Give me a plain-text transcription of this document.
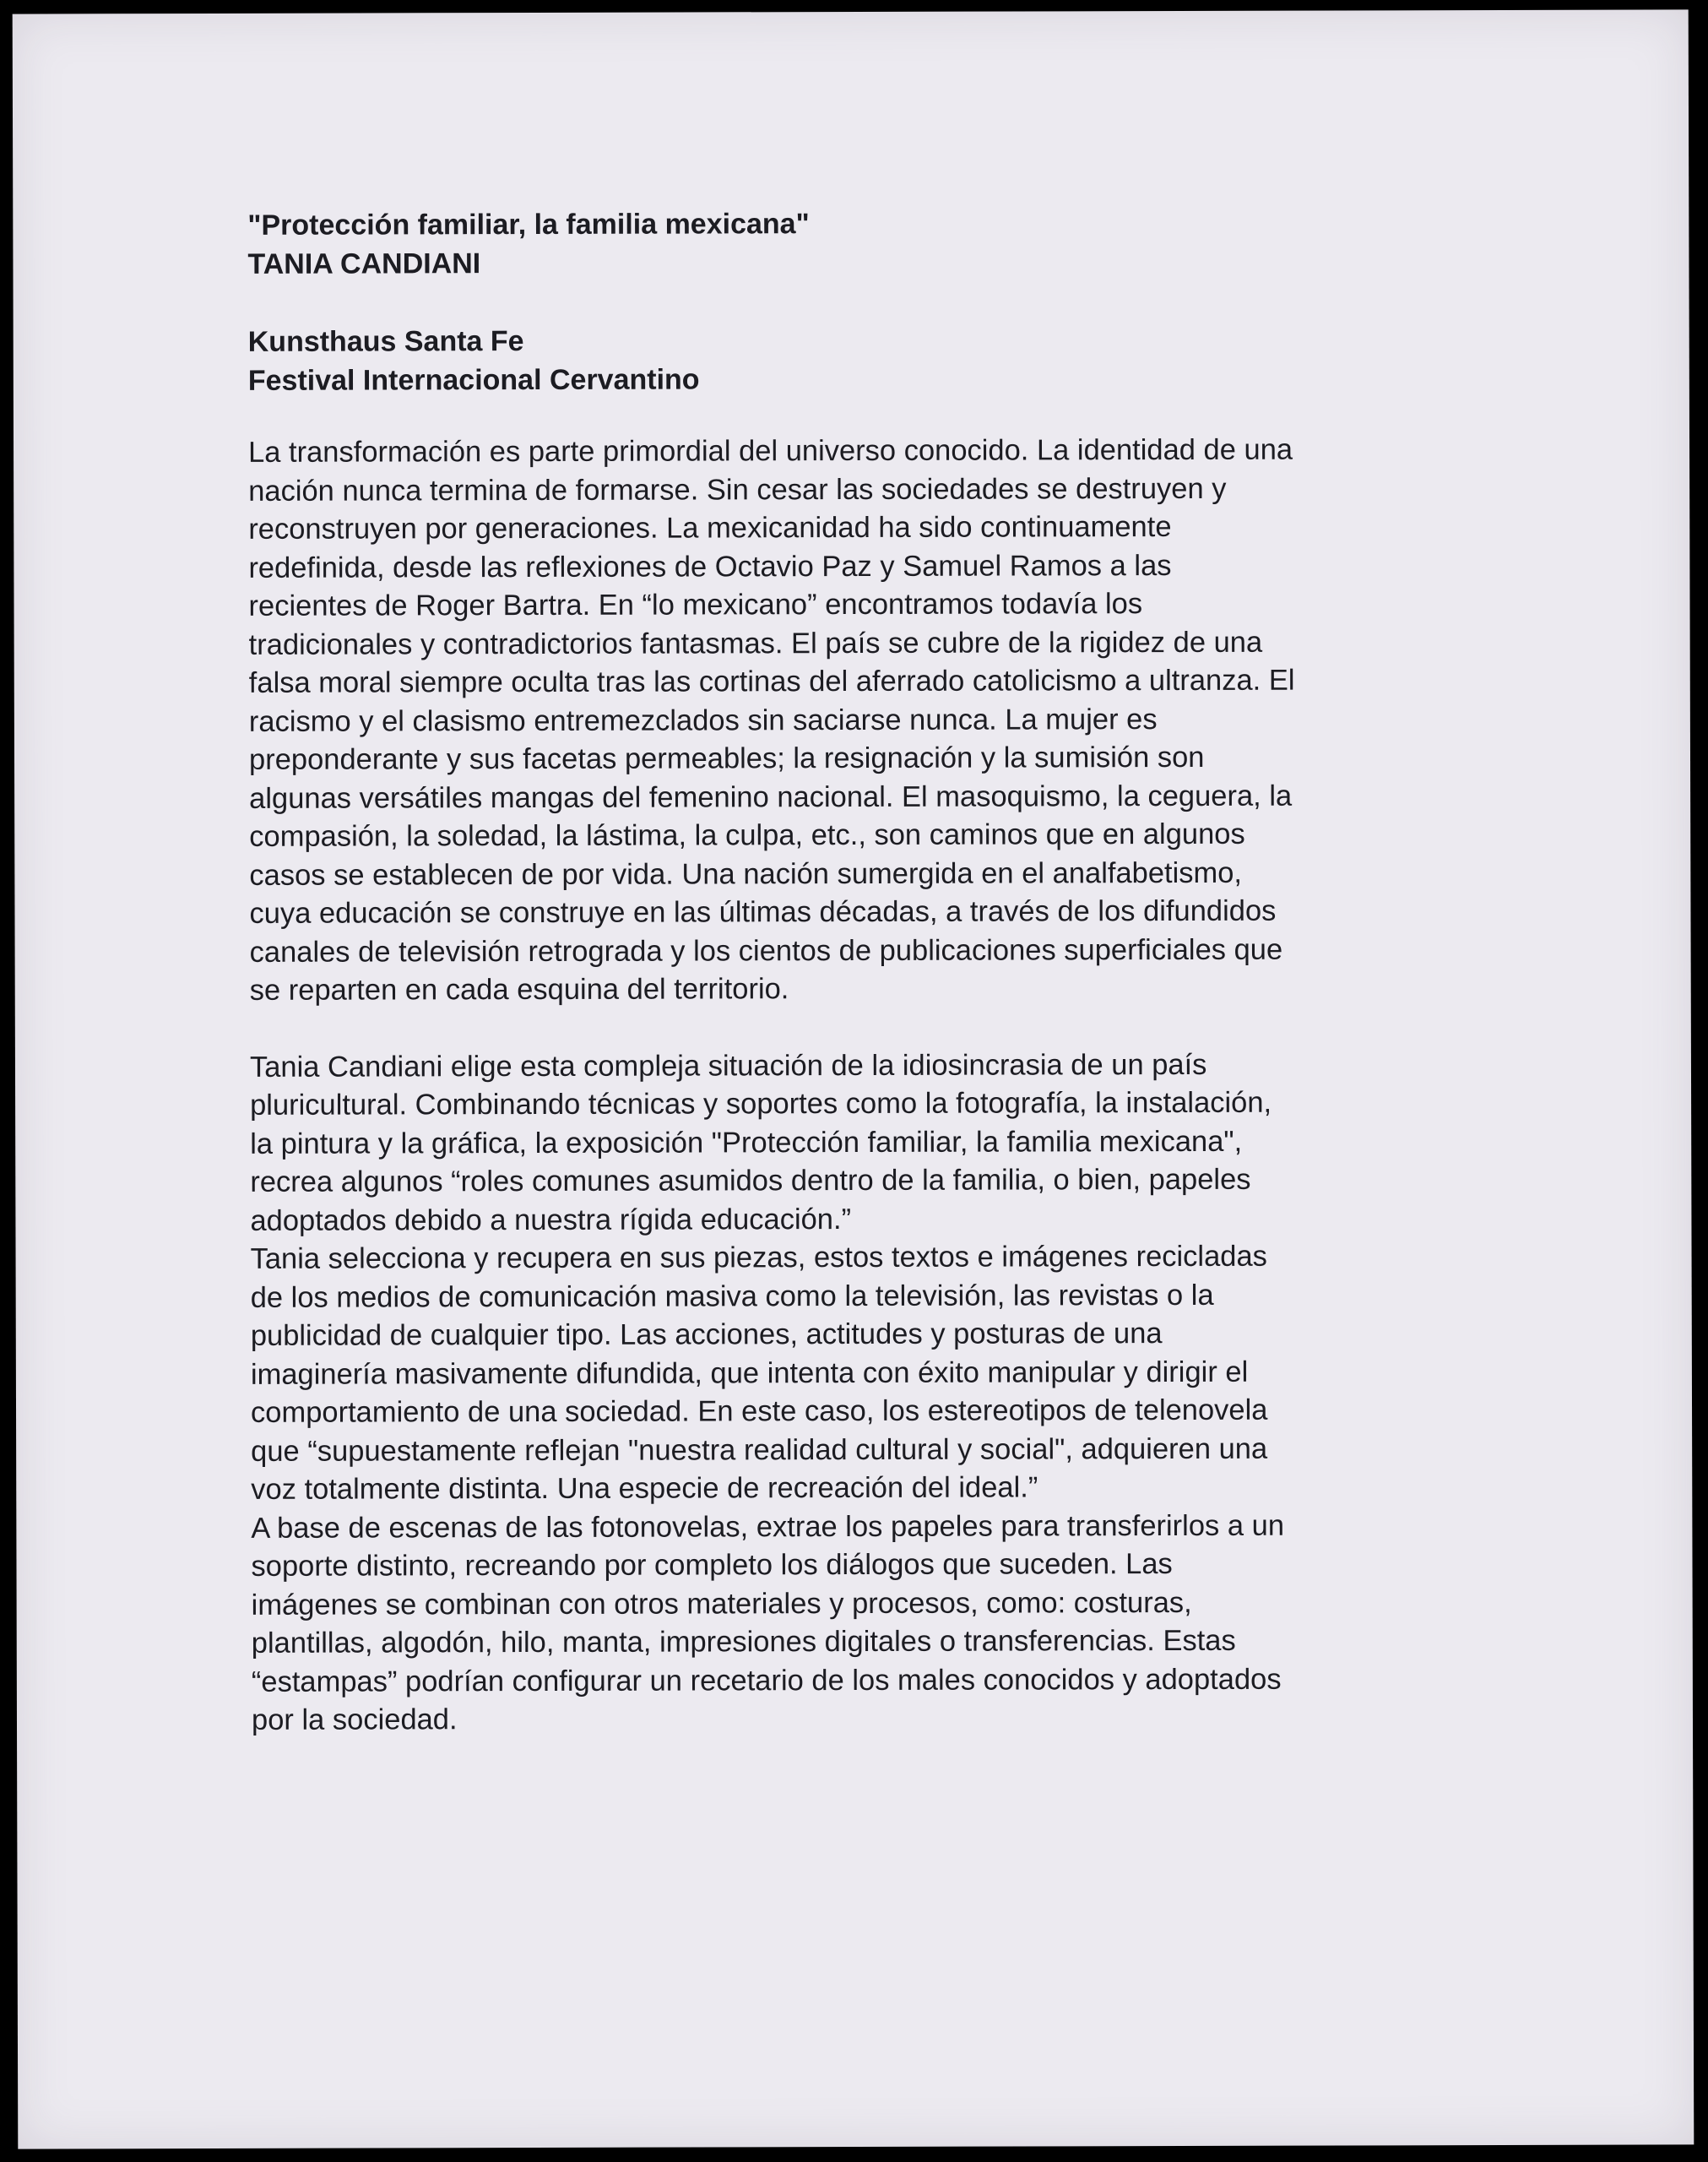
"Protección familiar, la familia mexicana"

TANIA CANDIANI

Kunsthaus Santa Fe

Festival Internacional Cervantino

La transformación es parte primordial del universo conocido. La identidad de una

nación nunca termina de formarse. Sin cesar las sociedades se destruyen y

reconstruyen por generaciones. La mexicanidad ha sido continuamente

redefinida, desde las reflexiones de Octavio Paz y Samuel Ramos a las

recientes de Roger Bartra. En “lo mexicano” encontramos todavía los

tradicionales y contradictorios fantasmas. El país se cubre de la rigidez de una

falsa moral siempre oculta tras las cortinas del aferrado catolicismo a ultranza. El

racismo y el clasismo entremezclados sin saciarse nunca. La mujer es

preponderante y sus facetas permeables; la resignación y la sumisión son

algunas versátiles mangas del femenino nacional. El masoquismo, la ceguera, la

compasión, la soledad, la lástima, la culpa, etc., son caminos que en algunos

casos se establecen de por vida. Una nación sumergida en el analfabetismo,

cuya educación se construye en las últimas décadas, a través de los difundidos

canales de televisión retrograda y los cientos de publicaciones superficiales que

se reparten en cada esquina del territorio.

Tania Candiani elige esta compleja situación de la idiosincrasia de un país

pluricultural. Combinando técnicas y soportes como la fotografía, la instalación,

la pintura y la gráfica, la exposición "Protección familiar, la familia mexicana",

recrea algunos “roles comunes asumidos dentro de la familia, o bien, papeles

adoptados debido a nuestra rígida educación.”

Tania selecciona y recupera en sus piezas, estos textos e imágenes recicladas

de los medios de comunicación masiva como la televisión, las revistas o la

publicidad de cualquier tipo. Las acciones, actitudes y posturas de una

imaginería masivamente difundida, que intenta con éxito manipular y dirigir el

comportamiento de una sociedad. En este caso, los estereotipos de telenovela

que “supuestamente reflejan "nuestra realidad cultural y social", adquieren una

voz totalmente distinta. Una especie de recreación del ideal.”

A base de escenas de las fotonovelas, extrae los papeles para transferirlos a un

soporte distinto, recreando por completo los diálogos que suceden. Las

imágenes se combinan con otros materiales y procesos, como: costuras,

plantillas, algodón, hilo, manta, impresiones digitales o transferencias. Estas

“estampas” podrían configurar un recetario de los males conocidos y adoptados

por la sociedad.
